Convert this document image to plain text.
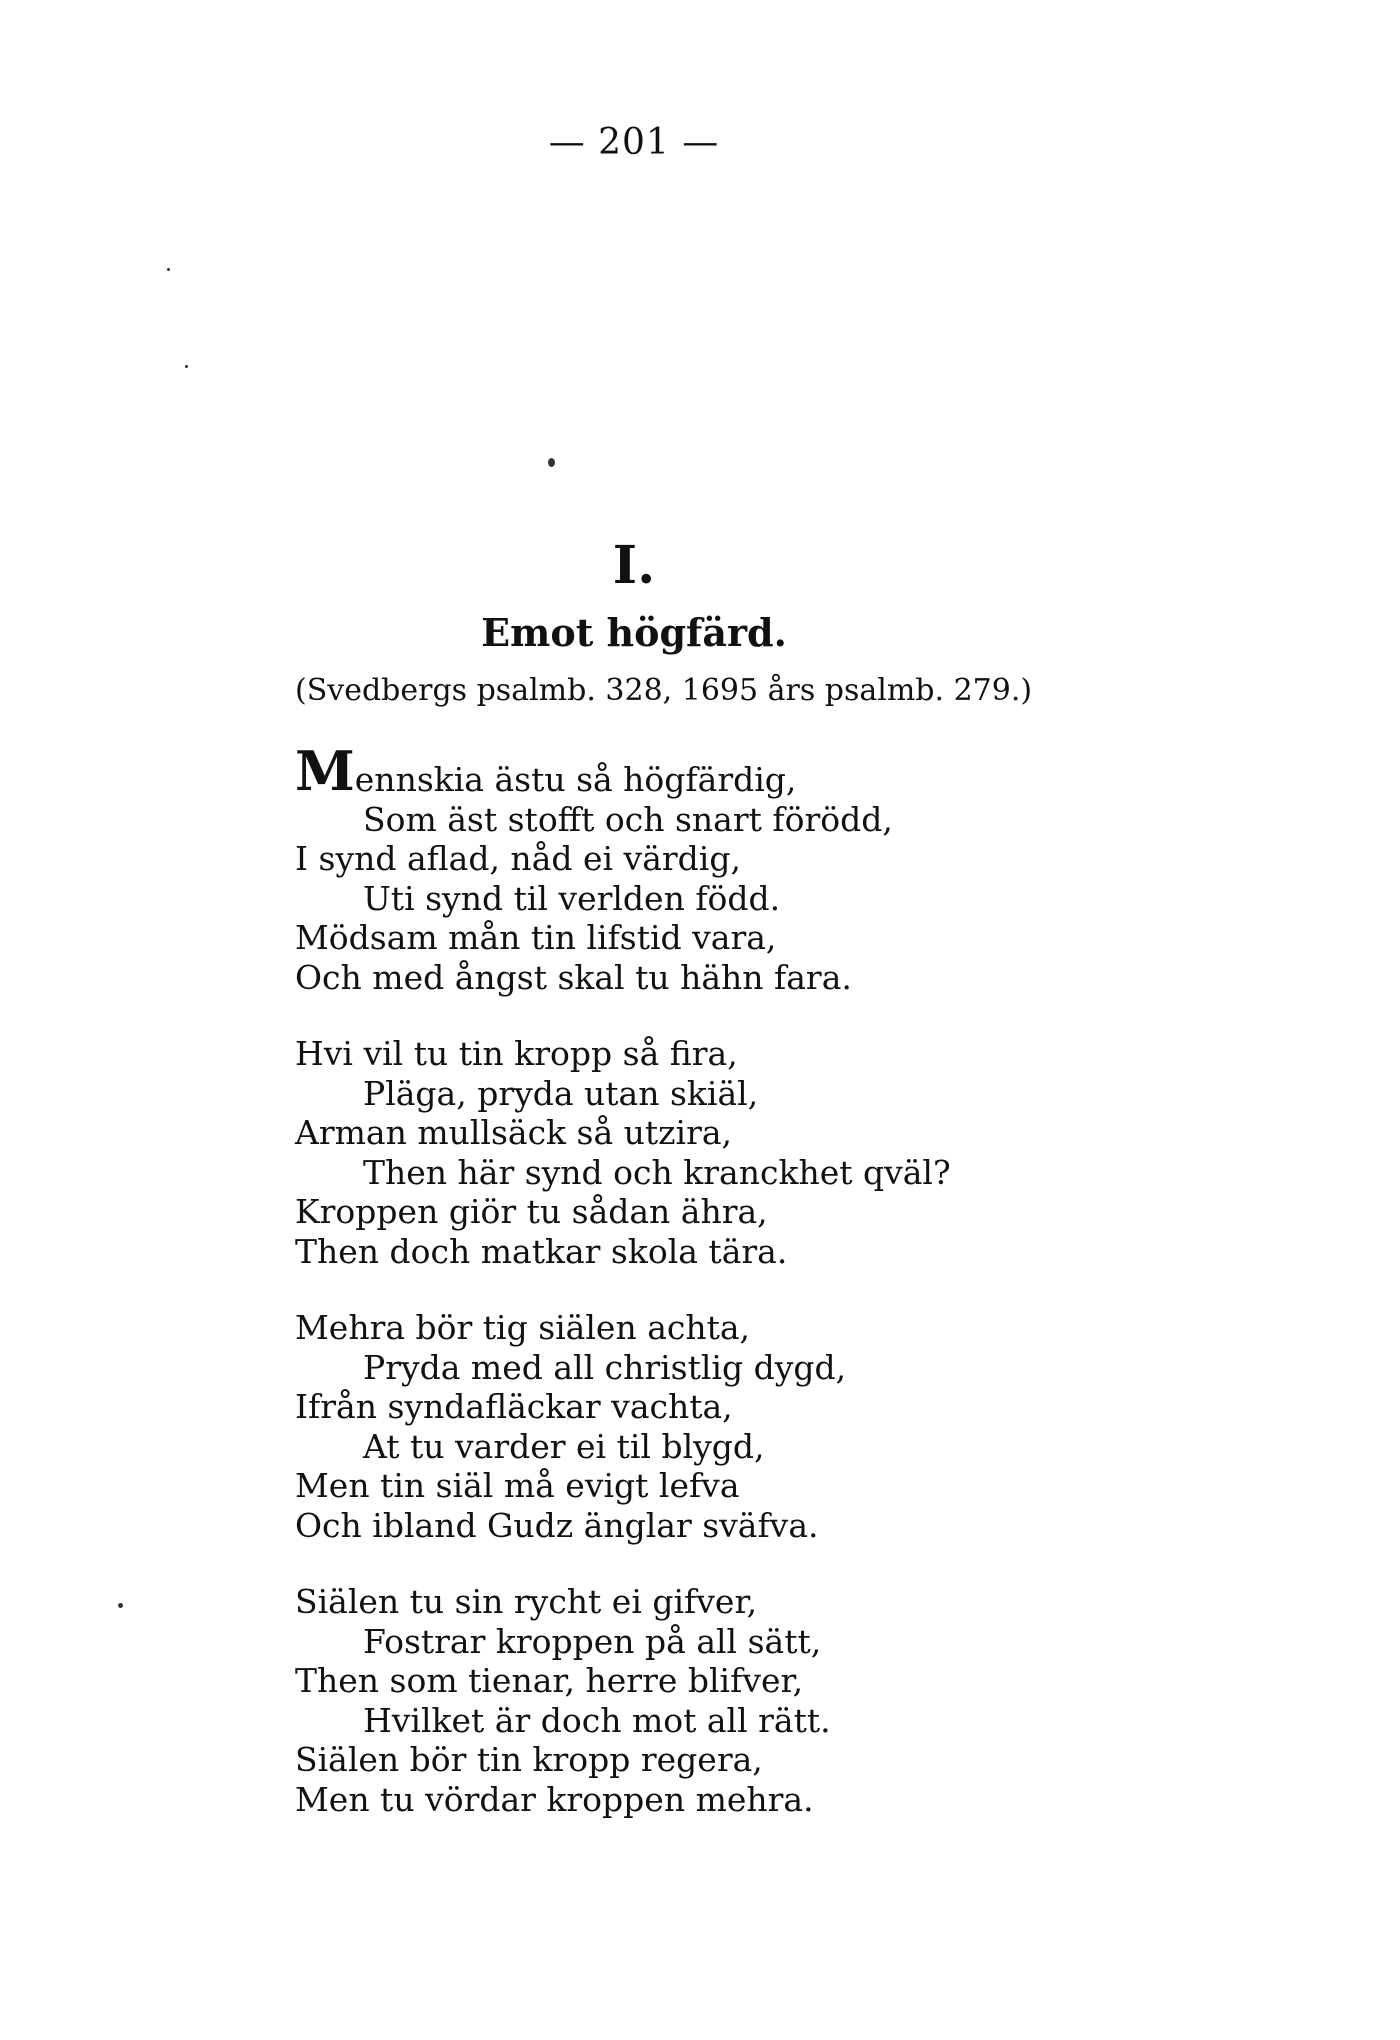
— 201 —
I.
Emot högfärd.
(Svedbergs psalmb. 328, 1695 års psalmb. 279.)
Mennskia ästu så högfärdig,
Som äst stofft och snart förödd,
I synd aflad, nåd ei värdig,
Uti synd til verlden född.
Mödsam mån tin lifstid vara,
Och med ångst skal tu hähn fara.
Hvi vil tu tin kropp så fira,
Pläga, pryda utan skiäl,
Arman mullsäck så utzira,
Then här synd och kranckhet qväl?
Kroppen giör tu sådan ähra,
Then doch matkar skola tära.
Mehra bör tig siälen achta,
Pryda med all christlig dygd,
Ifrån syndafläckar vachta,
At tu varder ei til blygd,
Men tin siäl må evigt lefva
Och ibland Gudz änglar sväfva.
Siälen tu sin rycht ei gifver,
Fostrar kroppen på all sätt,
Then som tienar, herre blifver,
Hvilket är doch mot all rätt.
Siälen bör tin kropp regera,
Men tu vördar kroppen mehra.
